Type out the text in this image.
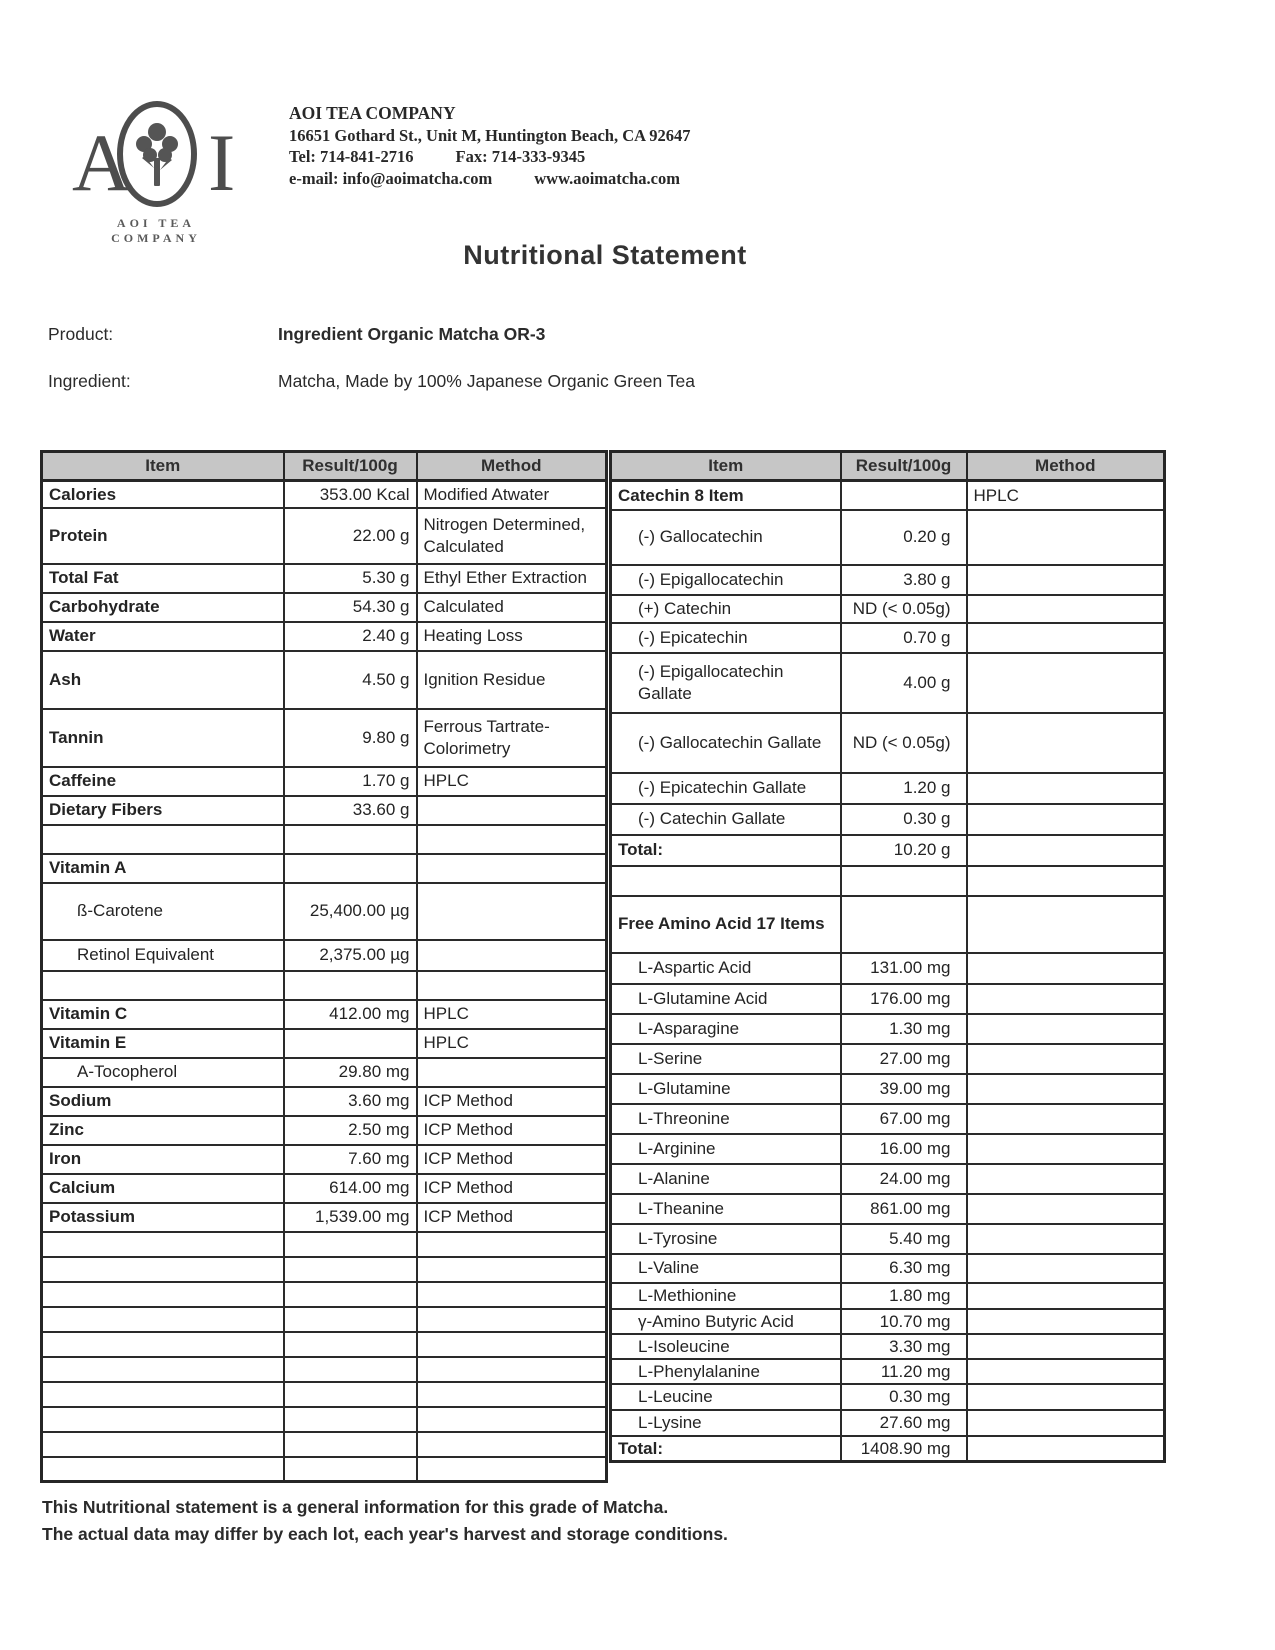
A I
AOI TEA COMPANY
AOI TEA COMPANY
16651 Gothard St., Unit M, Huntington Beach, CA 92647
Tel: 714-841-2716	Fax: 714-333-9345
e-mail: info@aoimatcha.com	www.aoimatcha.com
Nutritional Statement
Product:	Ingredient Organic Matcha OR-3
Ingredient:	Matcha, Made by 100% Japanese Organic Green Tea
Item	Result/100g	Method
Calories	353.00 Kcal	Modified Atwater
Protein	22.00 g	Nitrogen Determined, Calculated
Total Fat	5.30 g	Ethyl Ether Extraction
Carbohydrate	54.30 g	Calculated
Water	2.40 g	Heating Loss
Ash	4.50 g	Ignition Residue
Tannin	9.80 g	Ferrous Tartrate-Colorimetry
Caffeine	1.70 g	HPLC
Dietary Fibers	33.60 g	

Vitamin A		
ß-Carotene	25,400.00 µg	
Retinol Equivalent	2,375.00 µg	

Vitamin C	412.00 mg	HPLC
Vitamin E		HPLC
A-Tocopherol	29.80 mg	
Sodium	3.60 mg	ICP Method
Zinc	2.50 mg	ICP Method
Iron	7.60 mg	ICP Method
Calcium	614.00 mg	ICP Method
Potassium	1,539.00 mg	ICP Method

Item	Result/100g	Method
Catechin 8 Item		HPLC
(-) Gallocatechin	0.20 g	
(-) Epigallocatechin	3.80 g	
(+) Catechin	ND (< 0.05g)	
(-) Epicatechin	0.70 g	
(-) Epigallocatechin Gallate	4.00 g	
(-) Gallocatechin Gallate	ND (< 0.05g)	
(-) Epicatechin Gallate	1.20 g	
(-) Catechin Gallate	0.30 g	
Total:	10.20 g	

Free Amino Acid 17 Items		
L-Aspartic Acid	131.00 mg	
L-Glutamine Acid	176.00 mg	
L-Asparagine	1.30 mg	
L-Serine	27.00 mg	
L-Glutamine	39.00 mg	
L-Threonine	67.00 mg	
L-Arginine	16.00 mg	
L-Alanine	24.00 mg	
L-Theanine	861.00 mg	
L-Tyrosine	5.40 mg	
L-Valine	6.30 mg	
L-Methionine	1.80 mg	
γ-Amino Butyric Acid	10.70 mg	
L-Isoleucine	3.30 mg	
L-Phenylalanine	11.20 mg	
L-Leucine	0.30 mg	
L-Lysine	27.60 mg	
Total:	1408.90 mg	
This Nutritional statement is a general information for this grade of Matcha.
The actual data may differ by each lot, each year's harvest and storage conditions.
